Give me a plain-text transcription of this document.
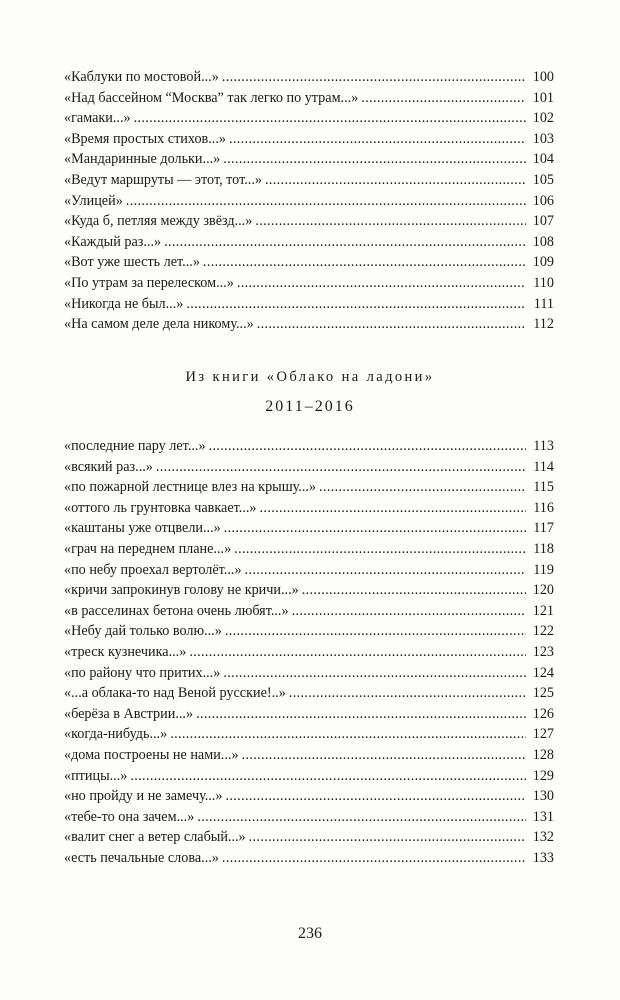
«Каблуки по мостовой...» . . .	100
«Над бассейном “Москва” так легко по утрам...» . . .	101
«гамаки...» . . .	102
«Время простых стихов...» . . .	103
«Мандаринные дольки...» . . .	104
«Ведут маршруты — этот, тот...» . . .	105
«Улицей» . . .	106
«Куда б, петляя между звёзд...» . . .	107
«Каждый раз...» . . .	108
«Вот уже шесть лет...» . . .	109
«По утрам за перелеском...» . . .	110
«Никогда не был...» . . .	111
«На самом деле дела никому...» . . .	112
Из книги «Облако на ладони»
2011–2016
«последние пару лет...» . . .	113
«всякий раз...» . . .	114
«по пожарной лестнице влез на крышу...» . . .	115
«оттого ль грунтовка чавкает...» . . .	116
«каштаны уже отцвели...» . . .	117
«грач на переднем плане...» . . .	118
«по небу проехал вертолёт...» . . .	119
«кричи запрокинув голову не кричи...» . . .	120
«в расселинах бетона очень любят...» . . .	121
«Небу дай только волю...» . . .	122
«треск кузнечика...» . . .	123
«по району что притих...» . . .	124
«...а облака-то над Веной русские!..» . . .	125
«берёза в Австрии...» . . .	126
«когда-нибудь...» . . .	127
«дома построены не нами...» . . .	128
«птицы...» . . .	129
«но пройду и не замечу...» . . .	130
«тебе-то она зачем...» . . .	131
«валит снег а ветер слабый...» . . .	132
«есть печальные слова...» . . .	133
236
